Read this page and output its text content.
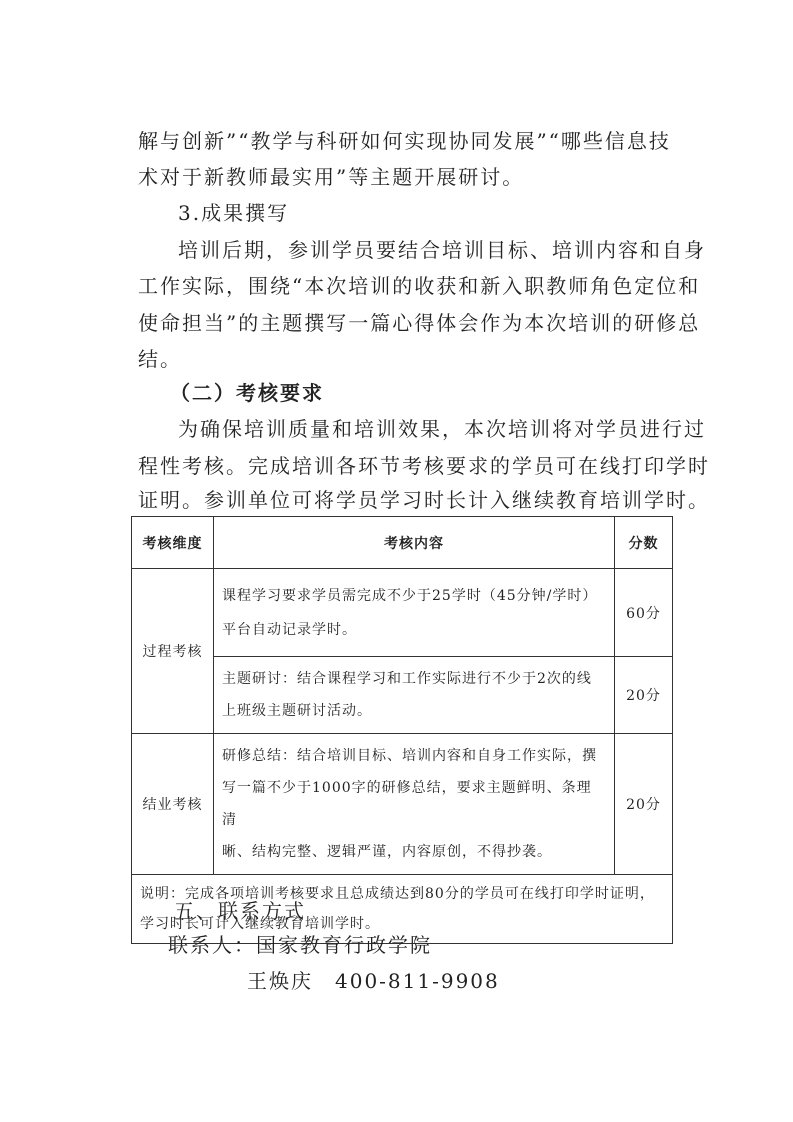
解与创新”“教学与科研如何实现协同发展”“哪些信息技
术对于新教师最实用”等主题开展研讨。
3.成果撰写
培训后期，参训学员要结合培训目标、培训内容和自身
工作实际，围绕“本次培训的收获和新入职教师角色定位和
使命担当”的主题撰写一篇心得体会作为本次培训的研修总
结。
（二）考核要求
为确保培训质量和培训效果，本次培训将对学员进行过
程性考核。完成培训各环节考核要求的学员可在线打印学时
证明。参训单位可将学员学习时长计入继续教育培训学时。
考核维度	考核内容	分数
过程考核	课程学习要求学员需完成不少于25学时（45分钟/学时）
平台自动记录学时。	60分

	主题研讨：结合课程学习和工作实际进行不少于2次的线
上班级主题研讨活动。	20分
结业考核	研修总结：结合培训目标、培训内容和自身工作实际，撰
写一篇不少于1000字的研修总结，要求主题鲜明、条理清
晰、结构完整、逻辑严谨，内容原创，不得抄袭。	20分

说明：完成各项培训考核要求且总成绩达到80分的学员可在线打印学时证明，
学习时长可计入继续教育培训学时。		
五、联系方式
联系人：国家教育行政学院
王焕庆　400-811-9908
